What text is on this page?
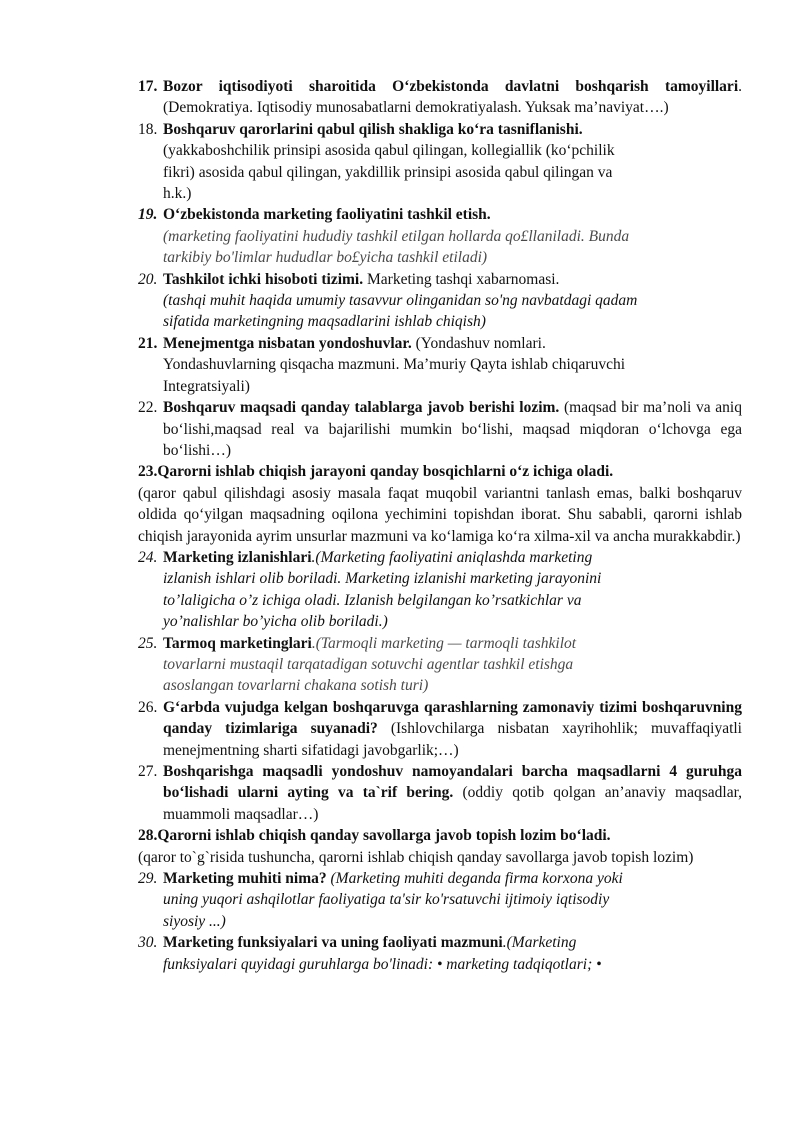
17. Bozor iqtisodiyoti sharoitida O‘zbekistonda davlatni boshqarish tamoyillari. (Demokratiya. Iqtisodiy munosabatlarni demokratiyalash. Yuksak ma’naviyat….)
18. Boshqaruv qarorlarini qabul qilish shakliga ko‘ra tasniflanishi.
(yakkaboshchilik prinsipi asosida qabul qilingan, kollegiallik (ko‘pchilik
fikri) asosida qabul qilingan, yakdillik prinsipi asosida qabul qilingan va
h.k.)
19. O‘zbekistonda marketing faoliyatini tashkil etish.
(marketing faoliyatini hududiy tashkil etilgan hollarda qo£llaniladi. Bunda
tarkibiy bo'limlar hududlar bo£yicha tashkil etiladi)
20. Tashkilot ichki hisoboti tizimi. Marketing tashqi xabarnomasi.
(tashqi muhit haqida umumiy tasavvur olinganidan so'ng navbatdagi qadam
sifatida marketingning maqsadlarini ishlab chiqish)
21. Menejmentga nisbatan yondoshuvlar. (Yondashuv nomlari.
Yondashuvlarning qisqacha mazmuni. Ma’muriy Qayta ishlab chiqaruvchi
Integratsiyali)
22. Boshqaruv maqsadi qanday talablarga javob berishi lozim. (maqsad bir ma’noli va aniq bo‘lishi,maqsad real va bajarilishi mumkin bo‘lishi, maqsad miqdoran o‘lchovga ega bo‘lishi…)
23.Qarorni ishlab chiqish jarayoni qanday bosqichlarni o‘z ichiga oladi.
(qaror qabul qilishdagi asosiy masala faqat muqobil variantni tanlash emas, balki boshqaruv oldida qo‘yilgan maqsadning oqilona yechimini topishdan iborat. Shu sababli, qarorni ishlab chiqish jarayonida ayrim unsurlar mazmuni va ko‘lamiga ko‘ra xilma-xil va ancha murakkabdir.)
24. Marketing izlanishlari.(Marketing faoliyatini aniqlashda marketing
izlanish ishlari olib boriladi. Marketing izlanishi marketing jarayonini
to’laligicha o’z ichiga oladi. Izlanish belgilangan ko’rsatkichlar va
yo’nalishlar bo’yicha olib boriladi.)
25. Tarmoq marketinglari.(Tarmoqli marketing — tarmoqli tashkilot
tovarlarni mustaqil tarqatadigan sotuvchi agentlar tashkil etishga
asoslangan tovarlarni chakana sotish turi)
26. G‘arbda vujudga kelgan boshqaruvga qarashlarning zamonaviy tizimi boshqaruvning qanday tizimlariga suyanadi? (Ishlovchilarga nisbatan xayrihohlik; muvaffaqiyatli menejmentning sharti sifatidagi javobgarlik;…)
27. Boshqarishga maqsadli yondoshuv namoyandalari barcha maqsadlarni 4 guruhga bo‘lishadi ularni ayting va ta`rif bering. (oddiy qotib qolgan an’anaviy maqsadlar, muammoli maqsadlar…)
28.Qarorni ishlab chiqish qanday savollarga javob topish lozim bo‘ladi.
(qaror to`g`risida tushuncha, qarorni ishlab chiqish qanday savollarga javob topish lozim)
29. Marketing muhiti nima? (Marketing muhiti deganda firma korxona yoki
uning yuqori ashqilotlar faoliyatiga ta'sir ko'rsatuvchi ijtimoiy iqtisodiy
siyosiy ...)
30. Marketing funksiyalari va uning faoliyati mazmuni.(Marketing
funksiyalari quyidagi guruhlarga bo'linadi: • marketing tadqiqotlari; •
